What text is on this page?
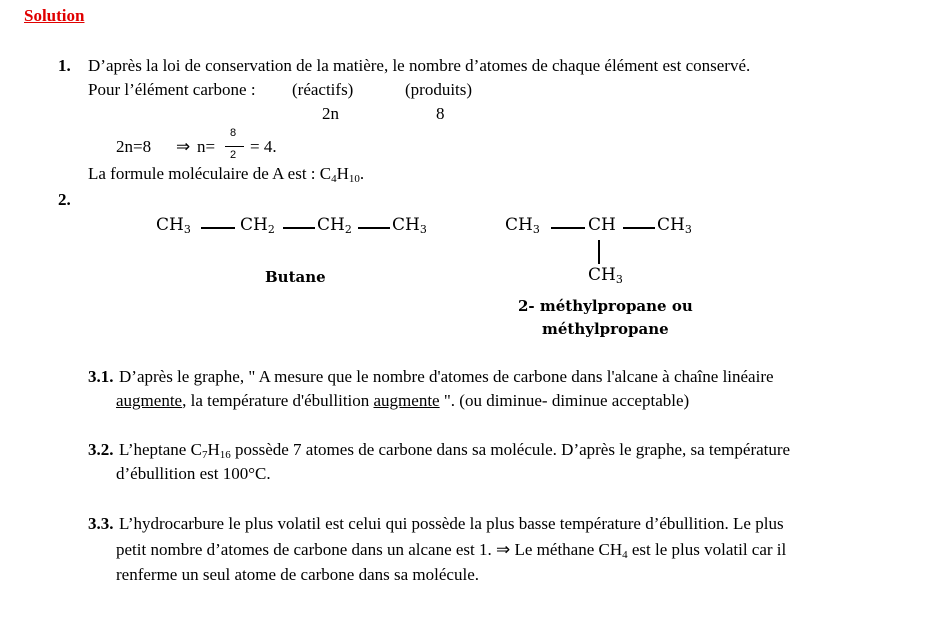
Solution
1. D’après la loi de conservation de la matière, le nombre d’atomes de chaque élément est conservé.
Pour l’élément carbone : (réactifs)	(produits)
2n	8
2n=8 ⇒ n=
8
2 = 4.
La formule moléculaire de A est : $C_4H_{10}$.
2.
$CH_3$	$CH_2$ $CH_2$ $CH_3$
Butane
$CH_3$	CH $CH_3$
$CH_3$
2- méthylpropane ou
méthylpropane
3.1. D’après le graphe, " A mesure que le nombre d'atomes de carbone dans l'alcane à chaîne linéaire
augmente, la température d'ébullition augmente ". (ou diminue- diminue acceptable)
3.2. L’heptane $C_7H_{16}$ possède 7 atomes de carbone dans sa molécule. D’après le graphe, sa température
d’ébullition est 100°C.
3.3. L’hydrocarbure le plus volatil est celui qui possède la plus basse température d’ébullition. Le plus
petit nombre d’atomes de carbone dans un alcane est 1. ⇒ Le méthane $CH_4$ est le plus volatil car il
renferme un seul atome de carbone dans sa molécule.
